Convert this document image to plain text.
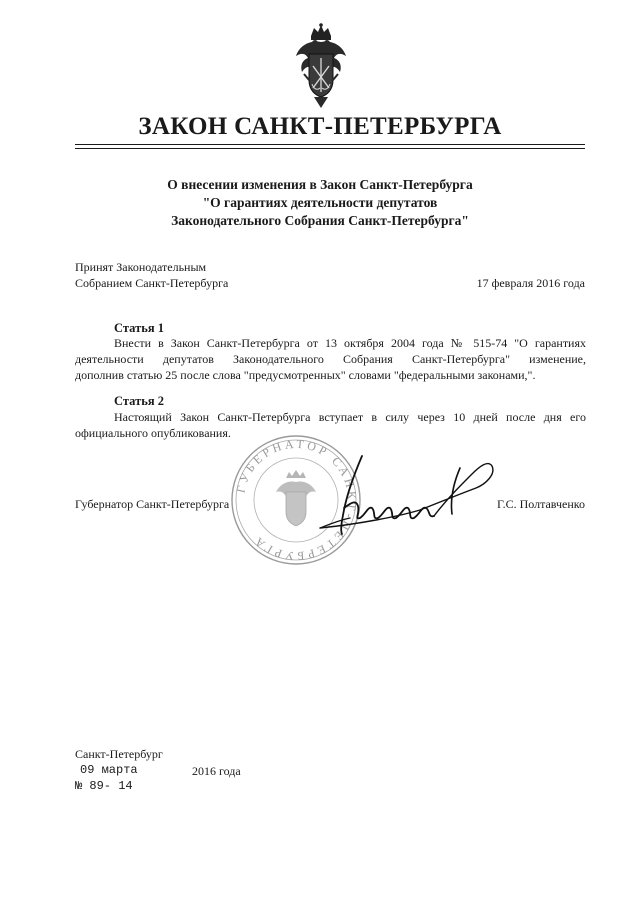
ЗАКОН САНКТ-ПЕТЕРБУРГА
О внесении изменения в Закон Санкт-Петербурга
"О гарантиях деятельности депутатов
Законодательного Собрания Санкт-Петербурга"
Принят Законодательным
Собранием Санкт-Петербурга	17 февраля 2016 года
Статья 1
Внести в Закон Санкт-Петербурга от 13 октября 2004 года № 515-74 "О гарантиях
деятельности депутатов Законодательного Собрания Санкт-Петербурга" изменение,
дополнив статью 25 после слова "предусмотренных" словами "федеральными законами,".
Статья 2
Настоящий Закон Санкт-Петербурга вступает в силу через 10 дней после дня его
официального опубликования.
ГУБЕРНАТОР САНКТ-ПЕТЕРБУРГА
Губернатор Санкт-Петербурга	Г.С. Полтавченко
Санкт-Петербург
09 марта	2016 года
№ 89- 14
